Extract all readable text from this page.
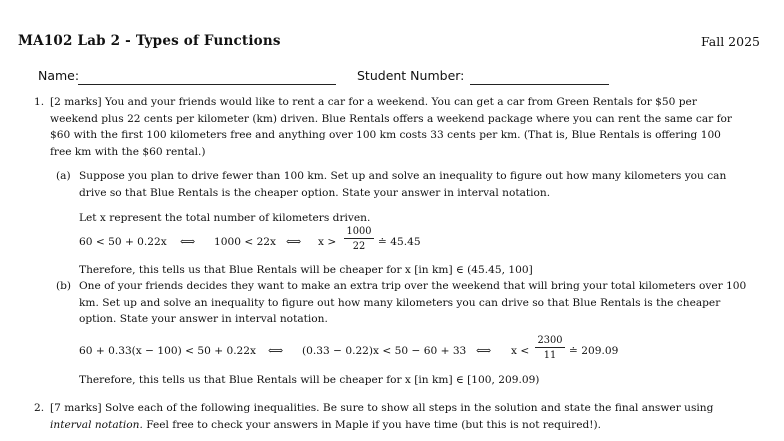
MA102 Lab 2 - Types of Functions	Fall 2025
Name:	Student Number:
1. [2 marks] You and your friends would like to rent a car for a weekend. You can get a car from Green Rentals for $50 per
weekend plus 22 cents per kilometer (km) driven. Blue Rentals offers a weekend package where you can rent the same car for
$60 with the first 100 kilometers free and anything over 100 km costs 33 cents per km. (That is, Blue Rentals is offering 100
free km with the $60 rental.)
(a) Suppose you plan to drive fewer than 100 km. Set up and solve an inequality to figure out how many kilometers you can
drive so that Blue Rentals is the cheaper option. State your answer in interval notation.
Let x represent the total number of kilometers driven.
60 < 50 + 0.22x ⟺ 1000 < 22x ⟺ x >
1000
22	≐ 45.45
Therefore, this tells us that Blue Rentals will be cheaper for x [in km] ∈ (45.45, 100]
(b) One of your friends decides they want to make an extra trip over the weekend that will bring your total kilometers over 100
km. Set up and solve an inequality to figure out how many kilometers you can drive so that Blue Rentals is the cheaper
option. State your answer in interval notation.
60 + 0.33(x − 100) < 50 + 0.22x ⟺ (0.33 − 0.22)x < 50 − 60 + 33 ⟺ x <
2300
11	≐ 209.09
Therefore, this tells us that Blue Rentals will be cheaper for x [in km] ∈ [100, 209.09)
2. [7 marks] Solve each of the following inequalities. Be sure to show all steps in the solution and state the final answer using
interval notation. Feel free to check your answers in Maple if you have time (but this is not required!).
